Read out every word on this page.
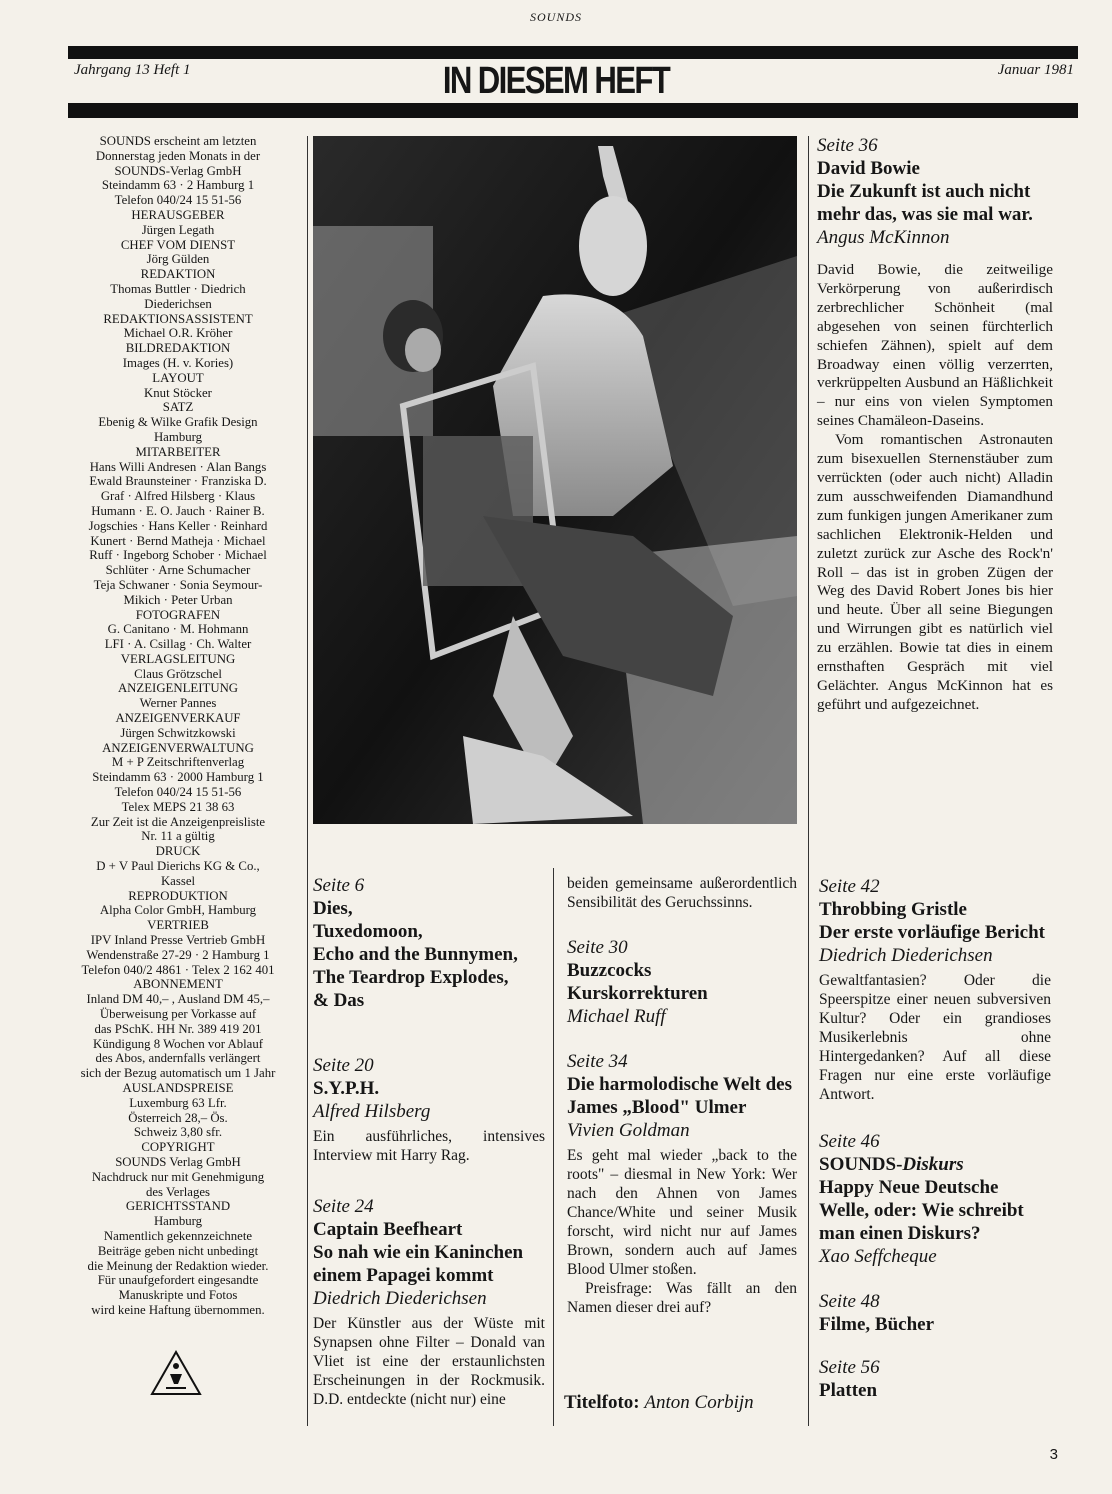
SOUNDS
Jahrgang 13 Heft 1	IN DIESEM HEFT	Januar 1981
SOUNDS erscheint am letzten
Donnerstag jeden Monats in der
SOUNDS-Verlag GmbH
Steindamm 63 · 2 Hamburg 1
Telefon 040/24 15 51-56
HERAUSGEBER
Jürgen Legath
CHEF VOM DIENST
Jörg Gülden
REDAKTION
Thomas Buttler · Diedrich
Diederichsen
REDAKTIONSASSISTENT
Michael O.R. Kröher
BILDREDAKTION
Images (H. v. Kories)
LAYOUT
Knut Stöcker
SATZ
Ebenig & Wilke Grafik Design
Hamburg
MITARBEITER
Hans Willi Andresen · Alan Bangs
Ewald Braunsteiner · Franziska D.
Graf · Alfred Hilsberg · Klaus
Humann · E. O. Jauch · Rainer B.
Jogschies · Hans Keller · Reinhard
Kunert · Bernd Matheja · Michael
Ruff · Ingeborg Schober · Michael
Schlüter · Arne Schumacher
Teja Schwaner · Sonia Seymour-
Mikich · Peter Urban
FOTOGRAFEN
G. Canitano · M. Hohmann
LFI · A. Csillag · Ch. Walter
VERLAGSLEITUNG
Claus Grötzschel
ANZEIGENLEITUNG
Werner Pannes
ANZEIGENVERKAUF
Jürgen Schwitzkowski
ANZEIGENVERWALTUNG
M + P Zeitschriftenverlag
Steindamm 63 · 2000 Hamburg 1
Telefon 040/24 15 51-56
Telex MEPS 21 38 63
Zur Zeit ist die Anzeigenpreisliste
Nr. 11 a gültig
DRUCK
D + V Paul Dierichs KG & Co.,
Kassel
REPRODUKTION
Alpha Color GmbH, Hamburg
VERTRIEB
IPV Inland Presse Vertrieb GmbH
Wendenstraße 27-29 · 2 Hamburg 1
Telefon 040/2 4861 · Telex 2 162 401
ABONNEMENT
Inland DM 40,– , Ausland DM 45,–
Überweisung per Vorkasse auf
das PSchK. HH Nr. 389 419 201
Kündigung 8 Wochen vor Ablauf
des Abos, andernfalls verlängert
sich der Bezug automatisch um 1 Jahr
AUSLANDSPREISE
Luxemburg 63 Lfr.
Österreich 28,– Ös.
Schweiz 3,80 sfr.
COPYRIGHT
SOUNDS Verlag GmbH
Nachdruck nur mit Genehmigung
des Verlages
GERICHTSSTAND
Hamburg
Namentlich gekennzeichnete
Beiträge geben nicht unbedingt
die Meinung der Redaktion wieder.
Für unaufgefordert eingesandte
Manuskripte und Fotos
wird keine Haftung übernommen.
Seite 36
David Bowie
Die Zukunft ist auch nicht mehr das, was sie mal war.
Angus McKinnon

David Bowie, die zeitweilige Verkörperung von außerirdisch zerbrechlicher Schönheit (mal abgesehen von seinen fürchterlich schiefen Zähnen), spielt auf dem Broadway einen völlig verzerrten, verkrüppelten Ausbund an Häßlichkeit – nur eins von vielen Symptomen seines Chamäleon-Daseins.

Vom romantischen Astronauten zum bisexuellen Sternenstäuber zum verrückten (oder auch nicht) Alladin zum ausschweifenden Diamandhund zum funkigen jungen Amerikaner zum sachlichen Elektronik-Helden und zuletzt zurück zur Asche des Rock'n' Roll – das ist in groben Zügen der Weg des David Robert Jones bis hier und heute. Über all seine Biegungen und Wirrungen gibt es natürlich viel zu erzählen. Bowie tat dies in einem ernsthaften Gespräch mit viel Gelächter. Angus McKinnon hat es geführt und aufgezeichnet.

Seite 6
Dies,
Tuxedomoon,
Echo and the Bunnymen,
The Teardrop Explodes,
& Das
Seite 20
S.Y.P.H.
Alfred Hilsberg

Ein ausführliches, intensives Interview mit Harry Rag.

Seite 24
Captain Beefheart
So nah wie ein Kaninchen einem Papagei kommt
Diedrich Diederichsen

Der Künstler aus der Wüste mit Synapsen ohne Filter – Donald van Vliet ist eine der erstaunlichsten Erscheinungen in der Rockmusik. D.D. entdeckte (nicht nur) eine

beiden gemeinsame außerordentlich Sensibilität des Geruchssinns.

Seite 30
Buzzcocks
Kurskorrekturen
Michael Ruff
Seite 34
Die harmolodische Welt des James „Blood" Ulmer
Vivien Goldman

Es geht mal wieder „back to the roots" – diesmal in New York: Wer nach den Ahnen von James Chance/White und seiner Musik forscht, wird nicht nur auf James Brown, sondern auch auf James Blood Ulmer stoßen.

Preisfrage: Was fällt an den Namen dieser drei auf?

Titelfoto: Anton Corbijn
Seite 42
Throbbing Gristle
Der erste vorläufige Bericht
Diedrich Diederichsen

Gewaltfantasien? Oder die Speerspitze einer neuen subversiven Kultur? Oder ein grandioses Musikerlebnis ohne Hintergedanken? Auf all diese Fragen nur eine erste vorläufige Antwort.

Seite 46
SOUNDS-Diskurs
Happy Neue Deutsche Welle, oder: Wie schreibt man einen Diskurs?
Xao Seffcheque
Seite 48
Filme, Bücher
Seite 56
Platten
3
